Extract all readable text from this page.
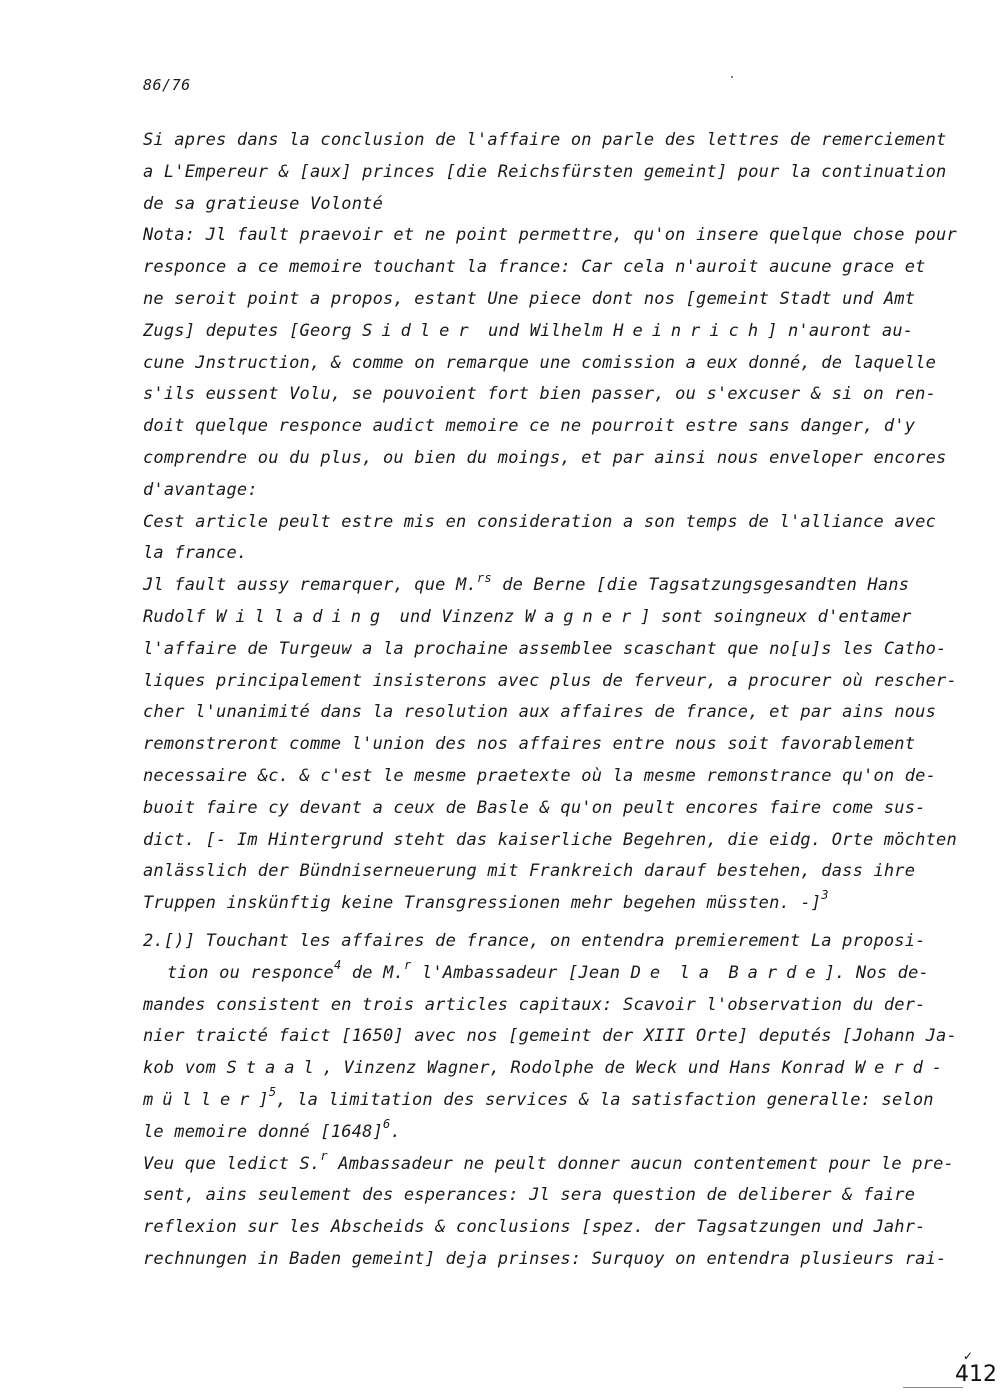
86/76
Si apres dans la conclusion de l'affaire on parle des lettres de remerciement
a L'Empereur & [aux] princes [die Reichsfürsten gemeint] pour la continuation
de sa gratieuse Volonté
Nota: Jl fault praevoir et ne point permettre, qu'on insere quelque chose pour
responce a ce memoire touchant la france: Car cela n'auroit aucune grace et
ne seroit point a propos, estant Une piece dont nos [gemeint Stadt und Amt
Zugs] deputes [Georg Sidler und Wilhelm Heinrich] n'auront au-
cune Jnstruction, & comme on remarque une comission a eux donné, de laquelle
s'ils eussent Volu, se pouvoient fort bien passer, ou s'excuser & si on ren-
doit quelque responce audict memoire ce ne pourroit estre sans danger, d'y
comprendre ou du plus, ou bien du moings, et par ainsi nous enveloper encores
d'avantage:
Cest article peult estre mis en consideration a son temps de l'alliance avec
la france.
Jl fault aussy remarquer, que M.$^{rs}$ de Berne [die Tagsatzungsgesandten Hans
Rudolf Willading und Vinzenz Wagner] sont soingneux d'entamer
l'affaire de Turgeuw a la prochaine assemblee scaschant que no[u]s les Catho-
liques principalement insisterons avec plus de ferveur, a procurer où rescher-
cher l'unanimité dans la resolution aux affaires de france, et par ains nous
remonstreront comme l'union des nos affaires entre nous soit favorablement
necessaire &c. & c'est le mesme praetexte où la mesme remonstrance qu'on de-
buoit faire cy devant a ceux de Basle & qu'on peult encores faire come sus-
dict. [- Im Hintergrund steht das kaiserliche Begehren, die eidg. Orte möchten
anlässlich der Bündniserneuerung mit Frankreich darauf bestehen, dass ihre
Truppen inskünftig keine Transgressionen mehr begehen müssten. -]$^3$
2.[)] Touchant les affaires de france, on entendra premierement La proposi-
tion ou responce$^4$ de M.$^r$ l'Ambassadeur [Jean De la Barde]. Nos de-
mandes consistent en trois articles capitaux: Scavoir l'observation du der-
nier traicté faict [1650] avec nos [gemeint der XIII Orte] deputés [Johann Ja-
kob vom Staal, Vinzenz Wagner, Rodolphe de Weck und Hans Konrad Werd-
müller]$^5$, la limitation des services & la satisfaction generalle: selon
le memoire donné $[1648]^6$.
Veu que ledict S.$^r$ Ambassadeur ne peult donner aucun contentement pour le pre-
sent, ains seulement des esperances: Jl sera question de deliberer & faire
reflexion sur les Abscheids & conclusions [spez. der Tagsatzungen und Jahr-
rechnungen in Baden gemeint] deja prinses: Surquoy on entendra plusieurs rai-
✓
412
